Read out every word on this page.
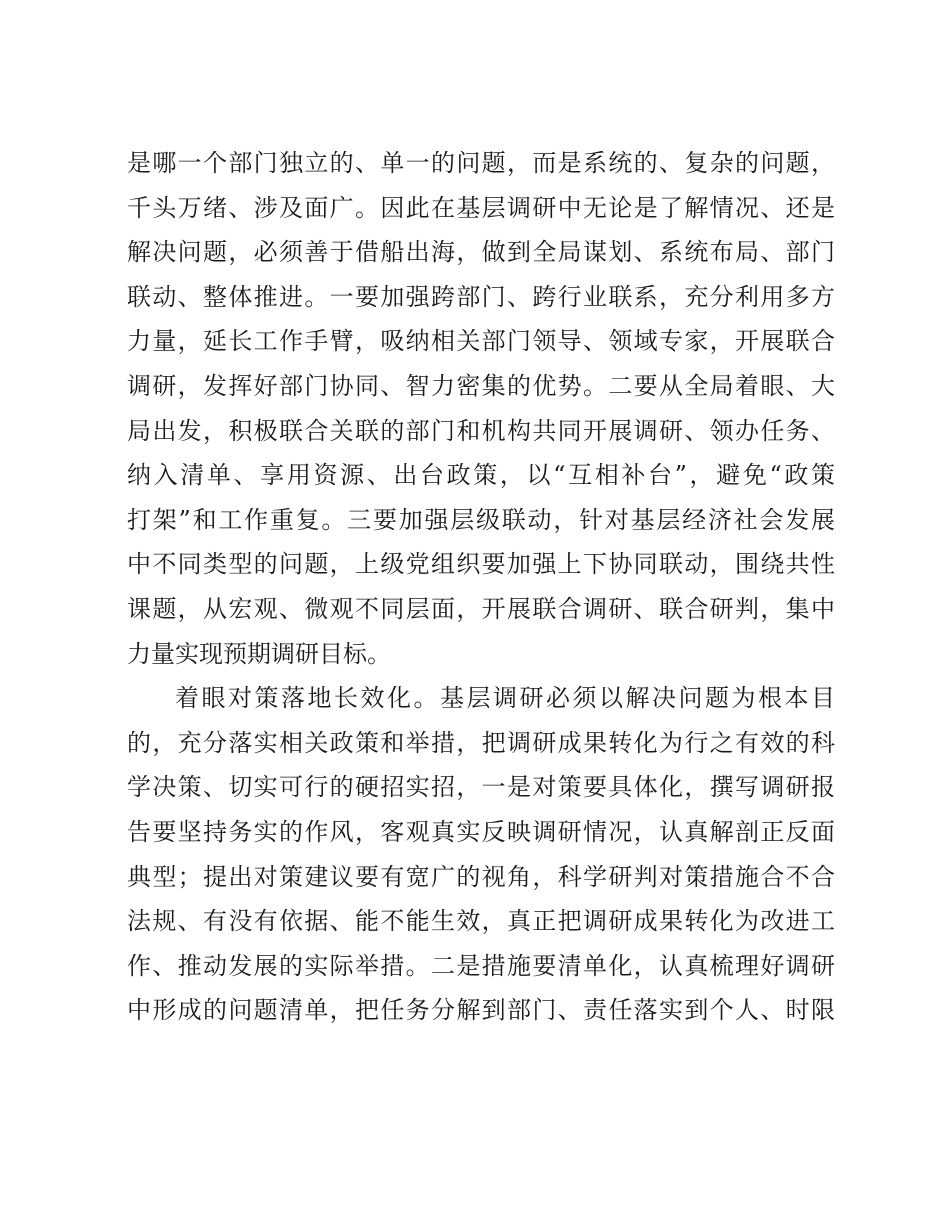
是哪一个部门独立的、单一的问题，而是系统的、复杂的问题，
千头万绪、涉及面广。因此在基层调研中无论是了解情况、还是
解决问题，必须善于借船出海，做到全局谋划、系统布局、部门
联动、整体推进。一要加强跨部门、跨行业联系，充分利用多方
力量，延长工作手臂，吸纳相关部门领导、领域专家，开展联合
调研，发挥好部门协同、智力密集的优势。二要从全局着眼、大
局出发，积极联合关联的部门和机构共同开展调研、领办任务、
纳入清单、享用资源、出台政策，以“互相补台”，避免“政策
打架”和工作重复。三要加强层级联动，针对基层经济社会发展
中不同类型的问题，上级党组织要加强上下协同联动，围绕共性
课题，从宏观、微观不同层面，开展联合调研、联合研判，集中
力量实现预期调研目标。
着眼对策落地长效化。基层调研必须以解决问题为根本目
的，充分落实相关政策和举措，把调研成果转化为行之有效的科
学决策、切实可行的硬招实招，一是对策要具体化，撰写调研报
告要坚持务实的作风，客观真实反映调研情况，认真解剖正反面
典型；提出对策建议要有宽广的视角，科学研判对策措施合不合
法规、有没有依据、能不能生效，真正把调研成果转化为改进工
作、推动发展的实际举措。二是措施要清单化，认真梳理好调研
中形成的问题清单，把任务分解到部门、责任落实到个人、时限
